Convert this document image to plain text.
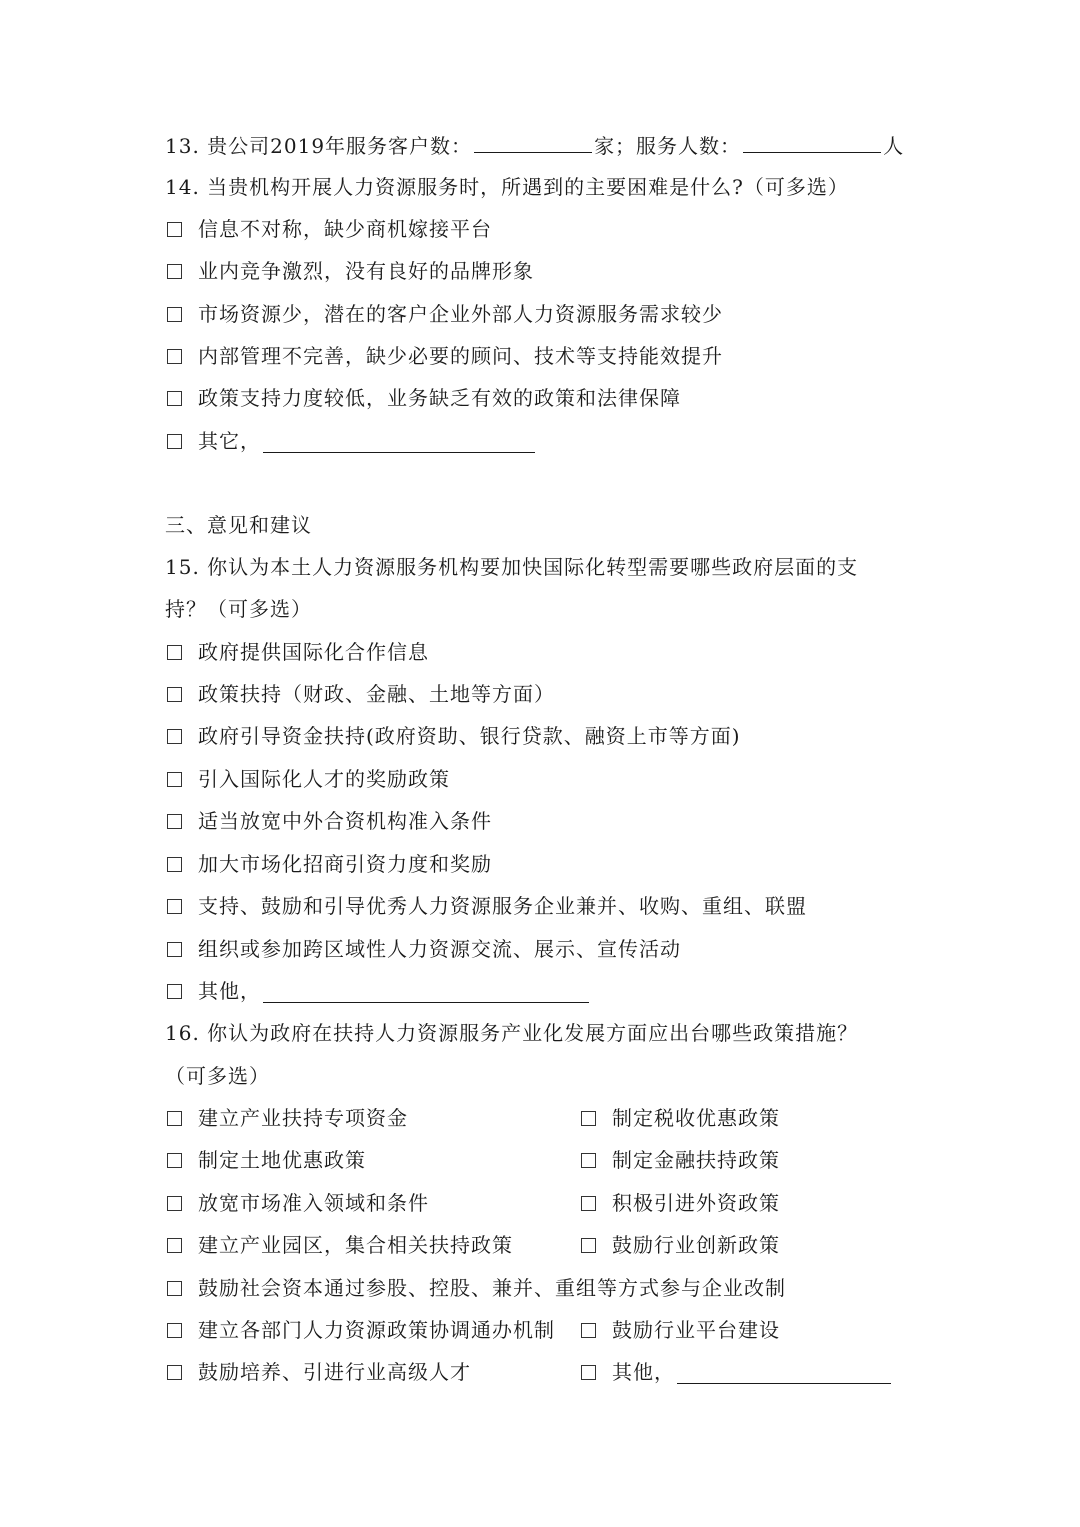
13. 贵公司2019年服务客户数：	家；服务人数：	人
14. 当贵机构开展人力资源服务时，所遇到的主要困难是什么?（可多选）
信息不对称，缺少商机嫁接平台
业内竞争激烈，没有良好的品牌形象
市场资源少，潜在的客户企业外部人力资源服务需求较少
内部管理不完善，缺少必要的顾问、技术等支持能效提升
政策支持力度较低，业务缺乏有效的政策和法律保障
其它，
三、意见和建议
15. 你认为本土人力资源服务机构要加快国际化转型需要哪些政府层面的支
持？（可多选）
政府提供国际化合作信息
政策扶持（财政、金融、土地等方面）
政府引导资金扶持(政府资助、银行贷款、融资上市等方面)
引入国际化人才的奖励政策
适当放宽中外合资机构准入条件
加大市场化招商引资力度和奖励
支持、鼓励和引导优秀人力资源服务企业兼并、收购、重组、联盟
组织或参加跨区域性人力资源交流、展示、宣传活动
其他，
16. 你认为政府在扶持人力资源服务产业化发展方面应出台哪些政策措施？
（可多选）
建立产业扶持专项资金	制定税收优惠政策
制定土地优惠政策	制定金融扶持政策
放宽市场准入领域和条件	积极引进外资政策
建立产业园区，集合相关扶持政策	鼓励行业创新政策
鼓励社会资本通过参股、控股、兼并、重组等方式参与企业改制
建立各部门人力资源政策协调通办机制	鼓励行业平台建设
鼓励培养、引进行业高级人才	其他，
